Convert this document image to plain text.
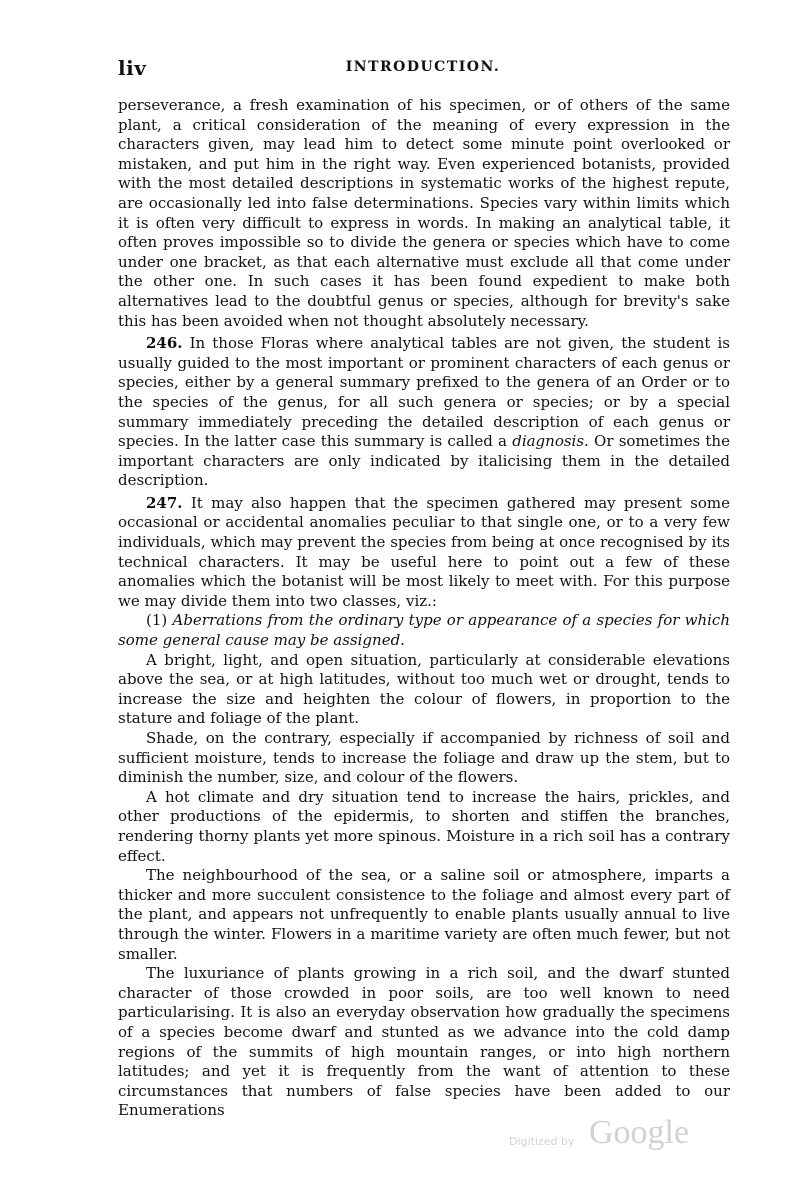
liv	INTRODUCTION.

perseverance, a fresh examination of his specimen, or of others of the same plant, a critical consideration of the meaning of every expression in the characters given, may lead him to detect some minute point overlooked or mistaken, and put him in the right way. Even experienced botanists, provided with the most detailed descriptions in systematic works of the highest repute, are occasionally led into false determinations. Species vary within limits which it is often very difficult to express in words. In making an analytical table, it often proves impossible so to divide the genera or species which have to come under one bracket, as that each alternative must exclude all that come under the other one. In such cases it has been found expedient to make both alternatives lead to the doubtful genus or species, although for brevity's sake this has been avoided when not thought absolutely necessary.

246. In those Floras where analytical tables are not given, the student is usually guided to the most important or prominent characters of each genus or species, either by a general summary prefixed to the genera of an Order or to the species of the genus, for all such genera or species; or by a special summary immediately preceding the detailed description of each genus or species. In the latter case this summary is called a diagnosis. Or sometimes the important characters are only indicated by italicising them in the detailed description.

247. It may also happen that the specimen gathered may present some occasional or accidental anomalies peculiar to that single one, or to a very few individuals, which may prevent the species from being at once recognised by its technical characters. It may be useful here to point out a few of these anomalies which the botanist will be most likely to meet with. For this purpose we may divide them into two classes, viz.:

(1) Aberrations from the ordinary type or appearance of a species for which some general cause may be assigned.

A bright, light, and open situation, particularly at considerable elevations above the sea, or at high latitudes, without too much wet or drought, tends to increase the size and heighten the colour of flowers, in proportion to the stature and foliage of the plant.

Shade, on the contrary, especially if accompanied by richness of soil and sufficient moisture, tends to increase the foliage and draw up the stem, but to diminish the number, size, and colour of the flowers.

A hot climate and dry situation tend to increase the hairs, prickles, and other productions of the epidermis, to shorten and stiffen the branches, rendering thorny plants yet more spinous. Moisture in a rich soil has a contrary effect.

The neighbourhood of the sea, or a saline soil or atmosphere, imparts a thicker and more succulent consistence to the foliage and almost every part of the plant, and appears not unfrequently to enable plants usually annual to live through the winter. Flowers in a maritime variety are often much fewer, but not smaller.

The luxuriance of plants growing in a rich soil, and the dwarf stunted character of those crowded in poor soils, are too well known to need particularising. It is also an everyday observation how gradually the specimens of a species become dwarf and stunted as we advance into the cold damp regions of the summits of high mountain ranges, or into high northern latitudes; and yet it is frequently from the want of attention to these circumstances that numbers of false species have been added to our Enumerations

Digitized by Google
